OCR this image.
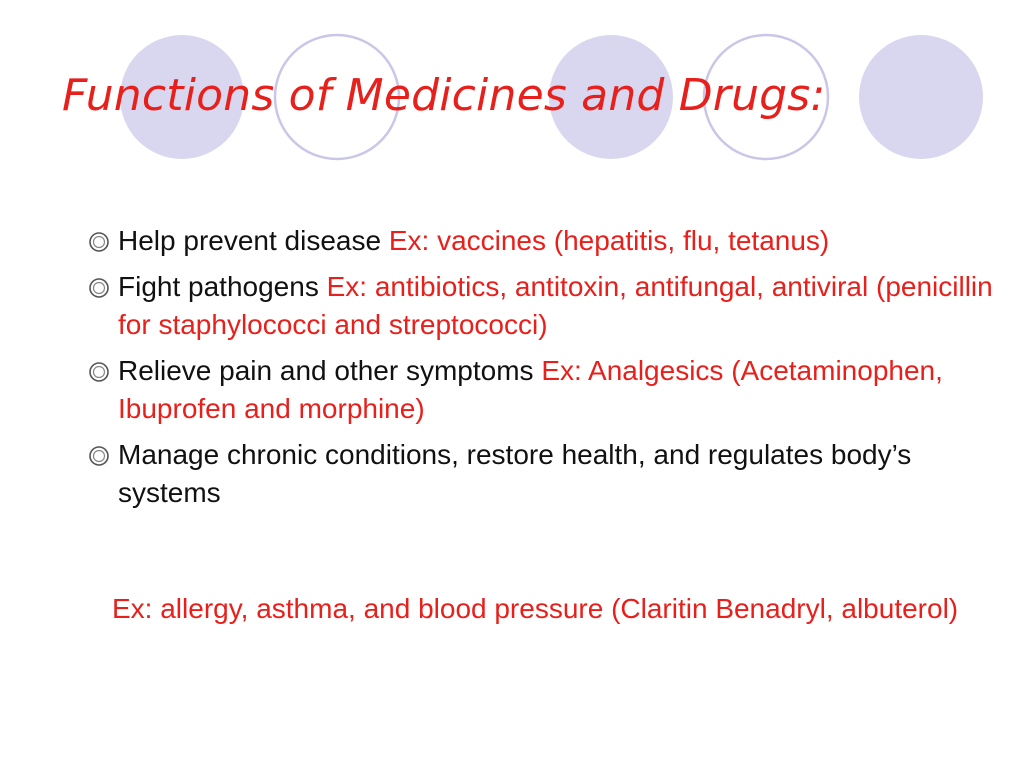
Functions of Medicines and Drugs:
Help prevent disease Ex: vaccines (hepatitis, flu, tetanus)
Fight pathogens Ex: antibiotics, antitoxin, antifungal, antiviral (penicillin for staphylococci and streptococci)
Relieve pain and other symptoms Ex: Analgesics (Acetaminophen, Ibuprofen and morphine)
Manage chronic conditions, restore health, and regulates body’s systems

Ex: allergy, asthma, and blood pressure (Claritin Benadryl, albuterol)
